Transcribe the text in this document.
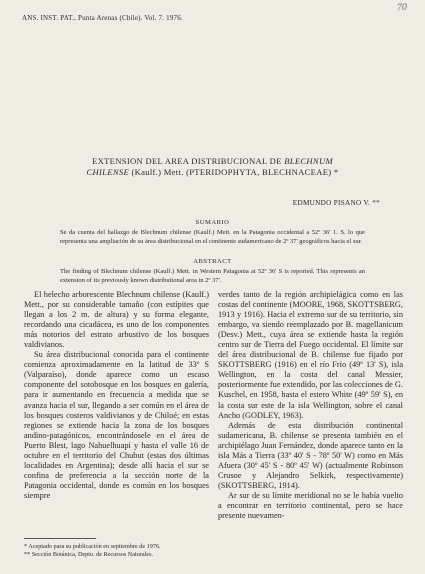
ANS. INST. PAT., Punta Arenas (Chile). Vol. 7. 1976.
70
EXTENSION DEL AREA DISTRIBUCIONAL DE BLECHNUM
CHILENSE (Kaulf.) Mett. (PTERIDOPHYTA, BLECHNACEAE) *
EDMUNDO PISANO V. **
SUMARIO
Se da cuenta del hallazgo de Blechnum chilense (Kaulf.) Mett. en la Patagonia occidental a 52º 36' 1. S. lo que representa una ampliación de su área distribucional en el continente sudamericano de 2º 37' geográficos hacia el sur.
ABSTRACT
The finding of Blechnum chilense (Kaulf.) Mett. in Western Patagonia at 52º 36' S is reported. This represents an extension of its previously known distributional area in 2º 37'.

El helecho arborescente Blechnum chilense (Kaulf.) Mett., por su considerable tamaño (con estípites que llegan a los 2 m. de altura) y su forma elegante, recordando una cicadácea, es uno de los componentes más notorios del estrato arbustivo de los bosques valdivianos.

Su área distribucional conocida para el continente comienza aproximadamente en la latitud de 33º S (Valparaíso), donde aparece como un escaso componente del sotobosque en los bosques en galería, para ir aumentando en frecuencia a medida que se avanza hacia el sur, llegando a ser común en el área de los bosques costeros valdivianos y de Chiloé; en estas regiones se extiende hacia la zona de los bosques andino-patagónicos, encontrándosele en el área de Puerto Blest, lago Nahuelhuapi y hasta el valle 16 de octubre en el territorio del Chubut (estas dos últimas localidades en Argentina); desde allí hacia el sur se confina de preferencia a la sección norte de la Patagonia occidental, donde es común en los bosques siempre

verdes tanto de la región archipielágica como en las costas del continente (MOORE, 1968, SKOTTSBERG, 1913 y 1916). Hacia el extremo sur de su territorio, sin embargo, va siendo reemplazado por B. magellanicum (Desv.) Mett., cuya área se extiende hasta la región centro sur de Tierra del Fuego occidental. El límite sur del área distribucional de B. chilense fue fijado por SKOTTSBERG (1916) en el río Frío (49º 13' S), isla Wellington, en la costa del canal Messier, posteriormente fue extendido, por las colecciones de G. Kuschel, en 1958, hasta el estero White (49º 59' S), en la costa sur este de la isla Wellington, sobre el canal Ancho (GODLEY, 1963).

Además de esta distribución continental sudamericana, B. chilense se presenta también en el archipiélago Juan Fernández, donde aparece tanto en la isla Más a Tierra (33º 40' S - 78º 50' W) como en Más Afuera (30º 45' S - 80º 45' W) (actualmente Robinson Crusoe y Alejandro Selkirk, respectivamente) (SKOTTSBERG, 1914).

Ar sur de su límite meridional no se le había vuelto a encontrar en territorio continental, pero se hace presente nuevamen-

* Aceptado para su publicación en septiembre de 1976.

** Sección Botánica, Depto. de Recursos Naturales.
